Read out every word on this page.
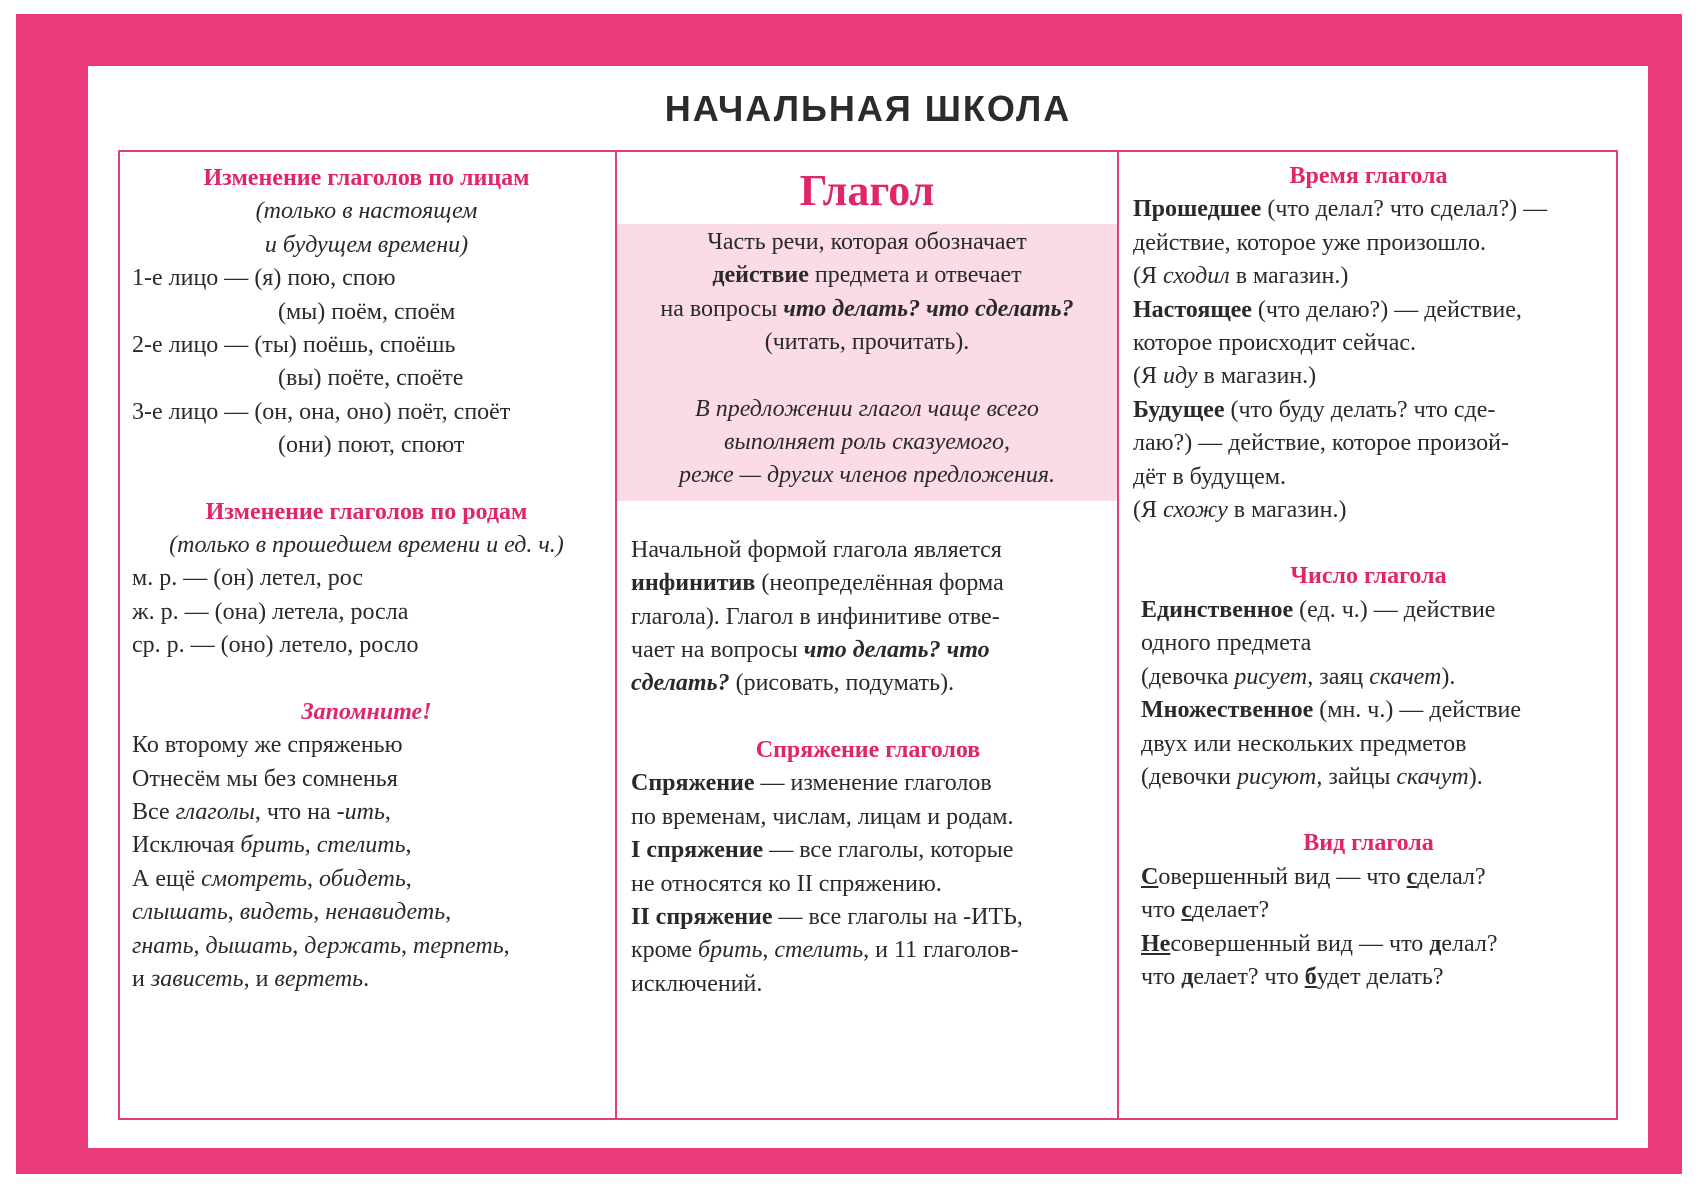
НАЧАЛЬНАЯ ШКОЛА
Изменение глаголов по лицам
(только в настоящем
и будущем времени)
1-е лицо — (я) пою, спою
(мы) поём, споём
2-е лицо — (ты) поёшь, споёшь
(вы) поёте, споёте
3-е лицо — (он, она, оно) поёт, споёт
(они) поют, споют
Изменение глаголов по родам
(только в прошедшем времени и ед. ч.)
м. р. — (он) летел, рос
ж. р. — (она) летела, росла
ср. р. — (оно) летело, росло
Запомните!
Ко второму же спряженью
Отнесём мы без сомненья
Все глаголы, что на -ить,
Исключая брить, стелить,
А ещё смотреть, обидеть,
слышать, видеть, ненавидеть,
гнать, дышать, держать, терпеть,
и зависеть, и вертеть.
Глагол
Часть речи, которая обозначает
действие предмета и отвечает
на вопросы что делать? что сделать?
(читать, прочитать).
В предложении глагол чаще всего
выполняет роль сказуемого,
реже — других членов предложения.
Начальной формой глагола является
инфинитив (неопределённая форма
глагола). Глагол в инфинитиве отве-
чает на вопросы что делать? что
сделать? (рисовать, подумать).
Спряжение глаголов
Спряжение — изменение глаголов
по временам, числам, лицам и родам.
I спряжение — все глаголы, которые
не относятся ко II спряжению.
II спряжение — все глаголы на -ИТЬ,
кроме брить, стелить, и 11 глаголов-
исключений.
Время глагола
Прошедшее (что делал? что сделал?) —
действие, которое уже произошло.
(Я сходил в магазин.)
Настоящее (что делаю?) — действие,
которое происходит сейчас.
(Я иду в магазин.)
Будущее (что буду делать? что сде-
лаю?) — действие, которое произой-
дёт в будущем.
(Я схожу в магазин.)
Число глагола
Единственное (ед. ч.) — действие
одного предмета
(девочка рисует, заяц скачет).
Множественное (мн. ч.) — действие
двух или нескольких предметов
(девочки рисуют, зайцы скачут).
Вид глагола
Совершенный вид — что сделал?
что сделает?
Несовершенный вид — что делал?
что делает? что будет делать?
